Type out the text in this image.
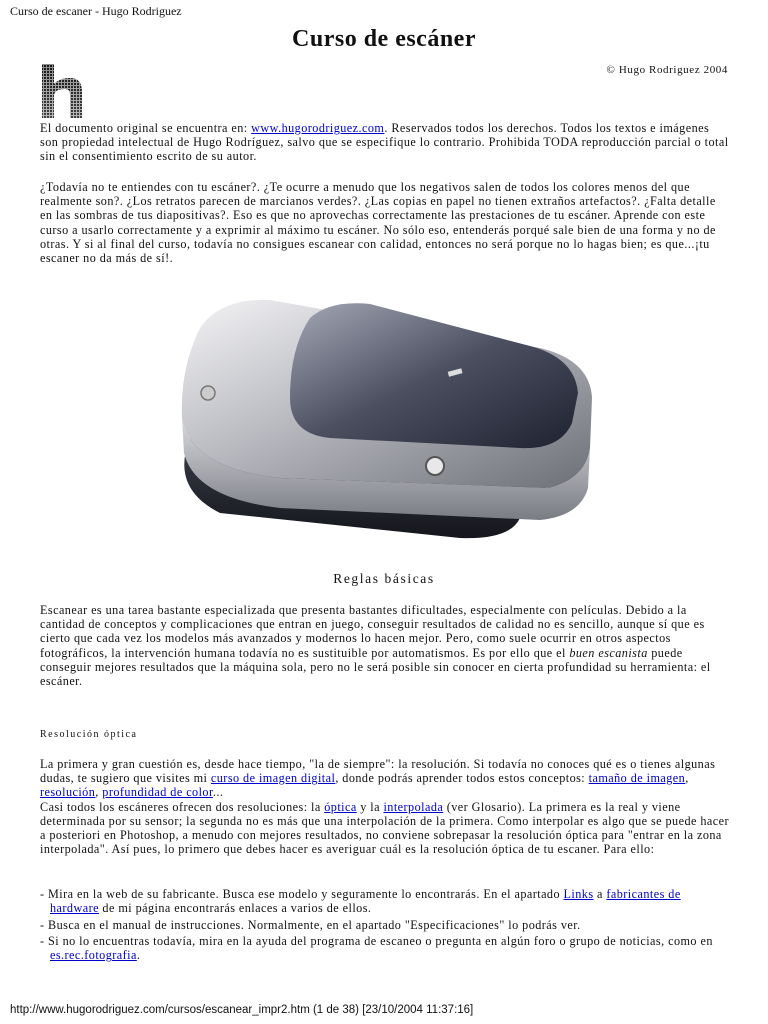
Curso de escaner - Hugo Rodriguez
Curso de escáner
© Hugo Rodriguez 2004

El documento original se encuentra en: www.hugorodriguez.com. Reservados todos los derechos. Todos los textos e imágenes son propiedad intelectual de Hugo Rodríguez, salvo que se especifique lo contrario. Prohibida TODA reproducción parcial o total sin el consentimiento escrito de su autor.

¿Todavía no te entiendes con tu escáner?. ¿Te ocurre a menudo que los negativos salen de todos los colores menos del que realmente son?. ¿Los retratos parecen de marcianos verdes?. ¿Las copias en papel no tienen extraños artefactos?. ¿Falta detalle en las sombras de tus diapositivas?. Eso es que no aprovechas correctamente las prestaciones de tu escáner. Aprende con este curso a usarlo correctamente y a exprimir al máximo tu escáner. No sólo eso, entenderás porqué sale bien de una forma y no de otras. Y si al final del curso, todavía no consigues escanear con calidad, entonces no será porque no lo hagas bien; es que...¡tu escaner no da más de sí!.

Reglas básicas

Escanear es una tarea bastante especializada que presenta bastantes dificultades, especialmente con películas. Debido a la cantidad de conceptos y complicaciones que entran en juego, conseguir resultados de calidad no es sencillo, aunque sí que es cierto que cada vez los modelos más avanzados y modernos lo hacen mejor. Pero, como suele ocurrir en otros aspectos fotográficos, la intervención humana todavía no es sustituible por automatismos. Es por ello que el buen escanista puede conseguir mejores resultados que la máquina sola, pero no le será posible sin conocer en cierta profundidad su herramienta: el escáner.

Resolución óptica

La primera y gran cuestión es, desde hace tiempo, "la de siempre": la resolución. Si todavía no conoces qué es o tienes algunas dudas, te sugiero que visites mi curso de imagen digital, donde podrás aprender todos estos conceptos: tamaño de imagen, resolución, profundidad de color...
Casi todos los escáneres ofrecen dos resoluciones: la óptica y la interpolada (ver Glosario). La primera es la real y viene determinada por su sensor; la segunda no es más que una interpolación de la primera. Como interpolar es algo que se puede hacer a posteriori en Photoshop, a menudo con mejores resultados, no conviene sobrepasar la resolución óptica para "entrar en la zona interpolada". Así pues, lo primero que debes hacer es averiguar cuál es la resolución óptica de tu escaner. Para ello:

- Mira en la web de su fabricante. Busca ese modelo y seguramente lo encontrarás. En el apartado Links a fabricantes de hardware de mi página encontrarás enlaces a varios de ellos.
- Busca en el manual de instrucciones. Normalmente, en el apartado "Especificaciones" lo podrás ver.
- Si no lo encuentras todavía, mira en la ayuda del programa de escaneo o pregunta en algún foro o grupo de noticias, como en es.rec.fotografia.
http://www.hugorodriguez.com/cursos/escanear_impr2.htm (1 de 38) [23/10/2004 11:37:16]
